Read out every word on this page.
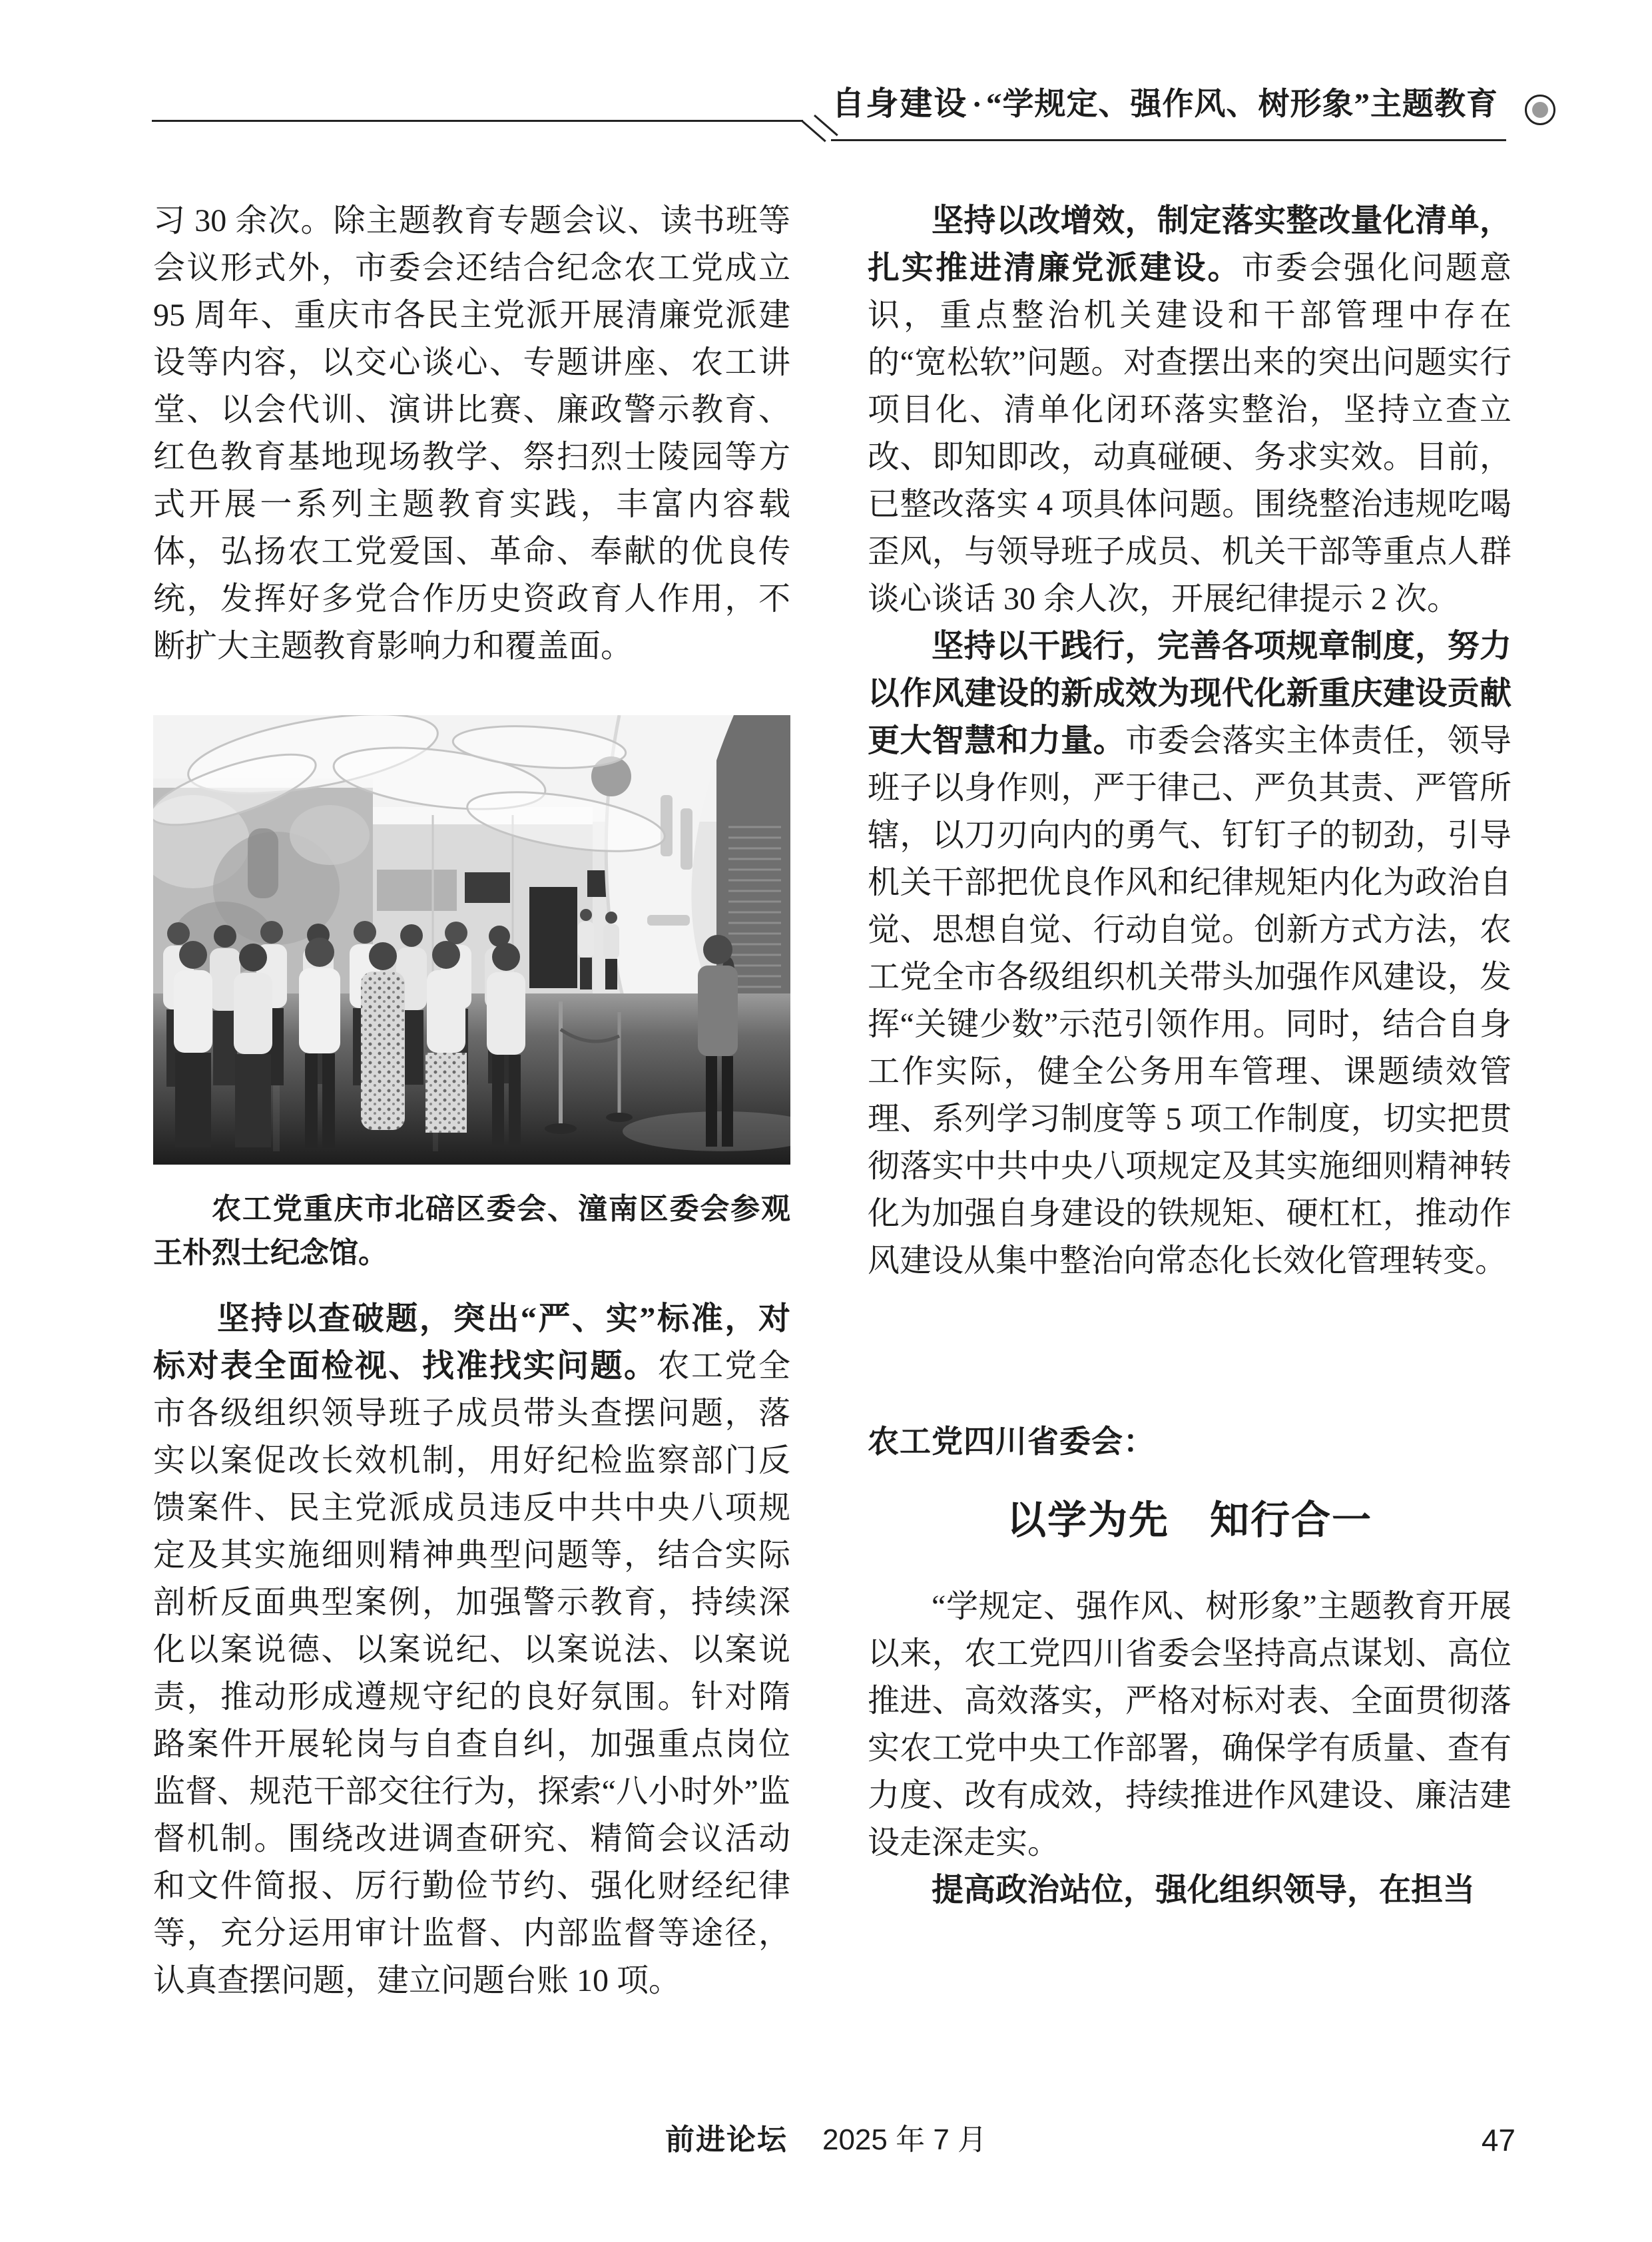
自身建设 · “学规定、强作风、树形象”主题教育

习 30 余次。除主题教育专题会议、读书班等会议形式外，市委会还结合纪念农工党成立 95 周年、重庆市各民主党派开展清廉党派建设等内容，以交心谈心、专题讲座、农工讲堂、以会代训、演讲比赛、廉政警示教育、红色教育基地现场教学、祭扫烈士陵园等方式开展一系列主题教育实践，丰富内容载体，弘扬农工党爱国、革命、奉献的优良传统，发挥好多党合作历史资政育人作用，不断扩大主题教育影响力和覆盖面。

农工党重庆市北碚区委会、潼南区委会参观王朴烈士纪念馆。

坚持以查破题，突出“严、实”标准，对标对表全面检视、找准找实问题。农工党全市各级组织领导班子成员带头查摆问题，落实以案促改长效机制，用好纪检监察部门反馈案件、民主党派成员违反中共中央八项规定及其实施细则精神典型问题等，结合实际剖析反面典型案例，加强警示教育，持续深化以案说德、以案说纪、以案说法、以案说责，推动形成遵规守纪的良好氛围。针对隋路案件开展轮岗与自查自纠，加强重点岗位监督、规范干部交往行为，探索“八小时外”监督机制。围绕改进调查研究、精简会议活动和文件简报、厉行勤俭节约、强化财经纪律等，充分运用审计监督、内部监督等途径，认真查摆问题，建立问题台账 10 项。

坚持以改增效，制定落实整改量化清单，扎实推进清廉党派建设。市委会强化问题意识，重点整治机关建设和干部管理中存在的“宽松软”问题。对查摆出来的突出问题实行项目化、清单化闭环落实整治，坚持立查立改、即知即改，动真碰硬、务求实效。目前，已整改落实 4 项具体问题。围绕整治违规吃喝歪风，与领导班子成员、机关干部等重点人群谈心谈话 30 余人次，开展纪律提示 2 次。

坚持以干践行，完善各项规章制度，努力以作风建设的新成效为现代化新重庆建设贡献更大智慧和力量。市委会落实主体责任，领导班子以身作则，严于律己、严负其责、严管所辖，以刀刃向内的勇气、钉钉子的韧劲，引导机关干部把优良作风和纪律规矩内化为政治自觉、思想自觉、行动自觉。创新方式方法，农工党全市各级组织机关带头加强作风建设，发挥“关键少数”示范引领作用。同时，结合自身工作实际，健全公务用车管理、课题绩效管理、系列学习制度等 5 项工作制度，切实把贯彻落实中共中央八项规定及其实施细则精神转化为加强自身建设的铁规矩、硬杠杠，推动作风建设从集中整治向常态化长效化管理转变。

农工党四川省委会：
以学为先　知行合一

“学规定、强作风、树形象”主题教育开展以来，农工党四川省委会坚持高点谋划、高位推进、高效落实，严格对标对表、全面贯彻落实农工党中央工作部署，确保学有质量、查有力度、改有成效，持续推进作风建设、廉洁建设走深走实。

提高政治站位，强化组织领导，在担当

前进论坛 2025 年 7 月	47
